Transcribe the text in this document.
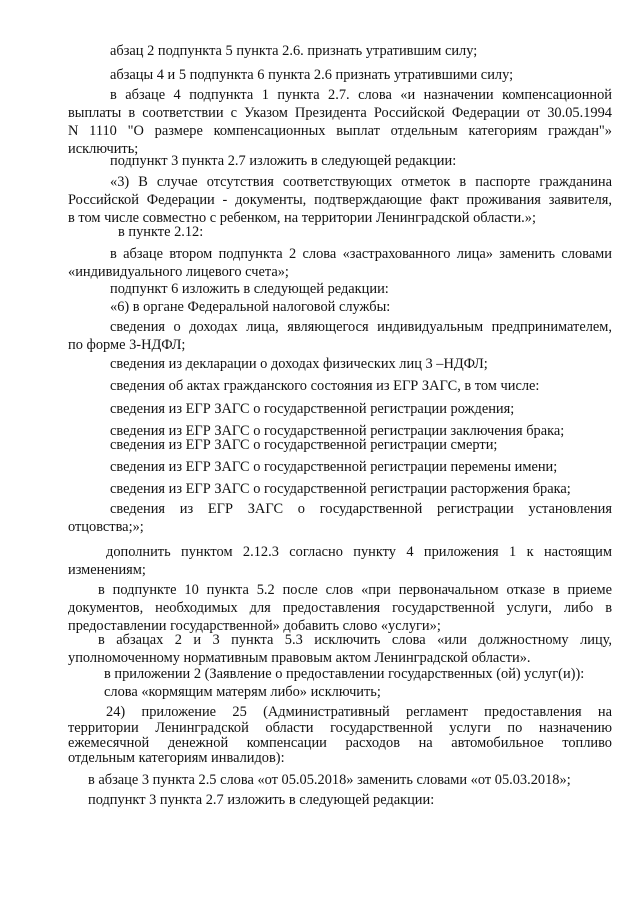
абзац 2 подпункта 5 пункта 2.6. признать утратившим силу;
абзацы 4 и 5 подпункта 6 пункта 2.6 признать утратившими силу;
в абзаце 4 подпункта 1 пункта 2.7. слова «и назначении компенсационной
выплаты в соответствии с Указом Президента Российской Федерации от 30.05.1994
N 1110 "О размере компенсационных выплат отдельным категориям граждан"»
исключить;
подпункт 3 пункта 2.7 изложить в следующей редакции:
«3) В случае отсутствия соответствующих отметок в паспорте гражданина
Российской Федерации - документы, подтверждающие факт проживания заявителя,
в том числе совместно с ребенком, на территории Ленинградской области.»;
в пункте 2.12:
в абзаце втором подпункта 2 слова «застрахованного лица» заменить словами
«индивидуального лицевого счета»;
подпункт 6 изложить в следующей редакции:
«6) в органе Федеральной налоговой службы:
сведения о доходах лица, являющегося индивидуальным предпринимателем,
по форме 3-НДФЛ;
сведения из декларации о доходах физических лиц 3 –НДФЛ;
сведения об актах гражданского состояния из ЕГР ЗАГС, в том числе:
сведения из ЕГР ЗАГС о государственной регистрации рождения;
сведения из ЕГР ЗАГС о государственной регистрации заключения брака;
сведения из ЕГР ЗАГС о государственной регистрации смерти;
сведения из ЕГР ЗАГС о государственной регистрации перемены имени;
сведения из ЕГР ЗАГС о государственной регистрации расторжения брака;
сведения из ЕГР ЗАГС о государственной регистрации установления
отцовства;»;
дополнить пунктом 2.12.3 согласно пункту 4 приложения 1 к настоящим
изменениям;
в подпункте 10 пункта 5.2 после слов «при первоначальном отказе в приеме
документов, необходимых для предоставления государственной услуги, либо в
предоставлении государственной» добавить слово «услуги»;
в абзацах 2 и 3 пункта 5.3 исключить слова «или должностному лицу,
уполномоченному нормативным правовым актом Ленинградской области».
в приложении 2 (Заявление о предоставлении государственных (ой) услуг(и)):
слова «кормящим матерям либо» исключить;
24) приложение 25 (Административный регламент предоставления на
территории Ленинградской области государственной услуги по назначению
ежемесячной денежной компенсации расходов на автомобильное топливо
отдельным категориям инвалидов):
в абзаце 3 пункта 2.5 слова «от 05.05.2018» заменить словами «от 05.03.2018»;
подпункт 3 пункта 2.7 изложить в следующей редакции:
